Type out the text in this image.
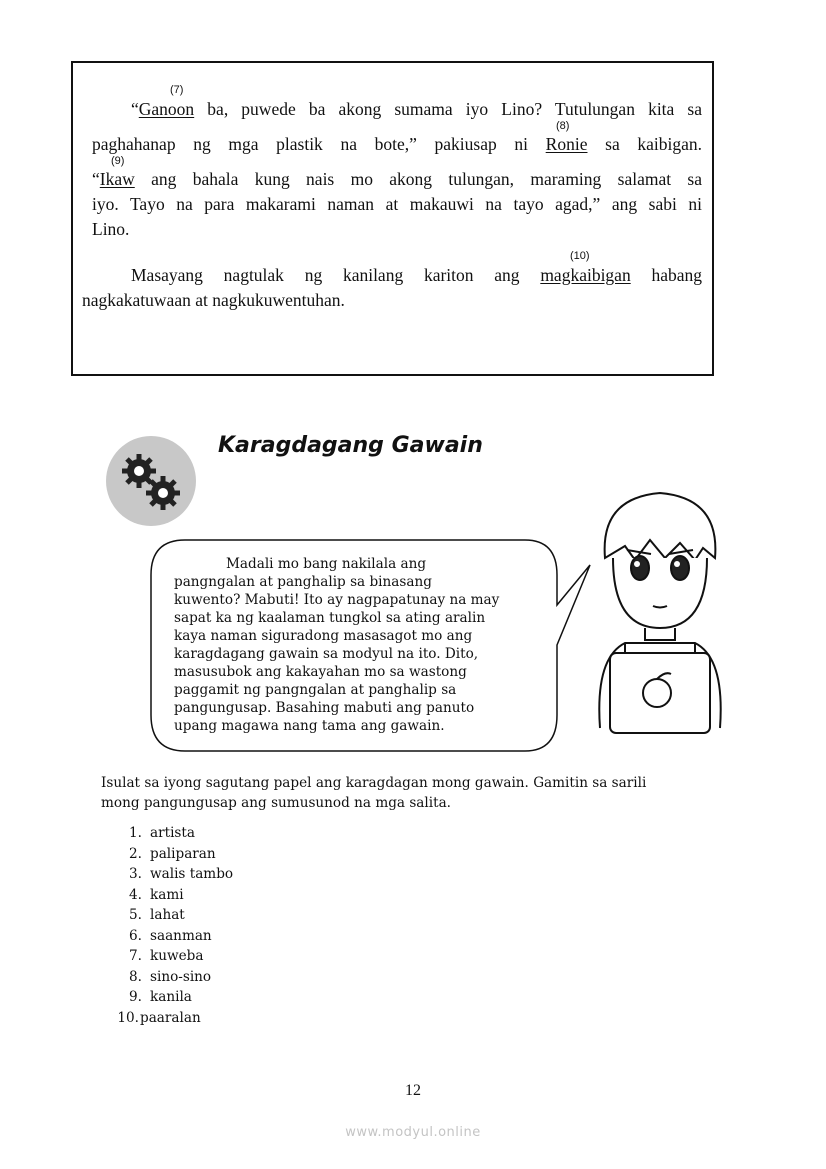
(7)
(8)
(9)
(10)
“Ganoon ba, puwede ba akong sumama iyo Lino? Tutulungan kita sa
paghahanap ng mga plastik na bote,” pakiusap ni Ronie sa kaibigan.
“Ikaw ang bahala kung nais mo akong tulungan, maraming salamat sa
iyo. Tayo na para makarami naman at makauwi na tayo agad,” ang sabi ni
Lino.
Masayang nagtulak ng kanilang kariton ang magkaibigan habang
nagkakatuwaan at nagkukuwentuhan.
Karagdagang Gawain
Madali mo bang nakilala ang
pangngalan at panghalip sa binasang
kuwento? Mabuti! Ito ay nagpapatunay na may
sapat ka ng kaalaman tungkol sa ating aralin
kaya naman siguradong masasagot mo ang
karagdagang gawain sa modyul na ito. Dito,
masusubok ang kakayahan mo sa wastong
paggamit ng pangngalan at panghalip sa
pangungusap. Basahing mabuti ang panuto
upang magawa nang tama ang gawain.
Isulat sa iyong sagutang papel ang karagdagan mong gawain. Gamitin sa sarili
mong pangungusap ang sumusunod na mga salita.
1. artista
2. paliparan
3. walis tambo
4. kami
5. lahat
6. saanman
7. kuweba
8. sino-sino
9. kanila
10. paaralan
12
www.modyul.online
